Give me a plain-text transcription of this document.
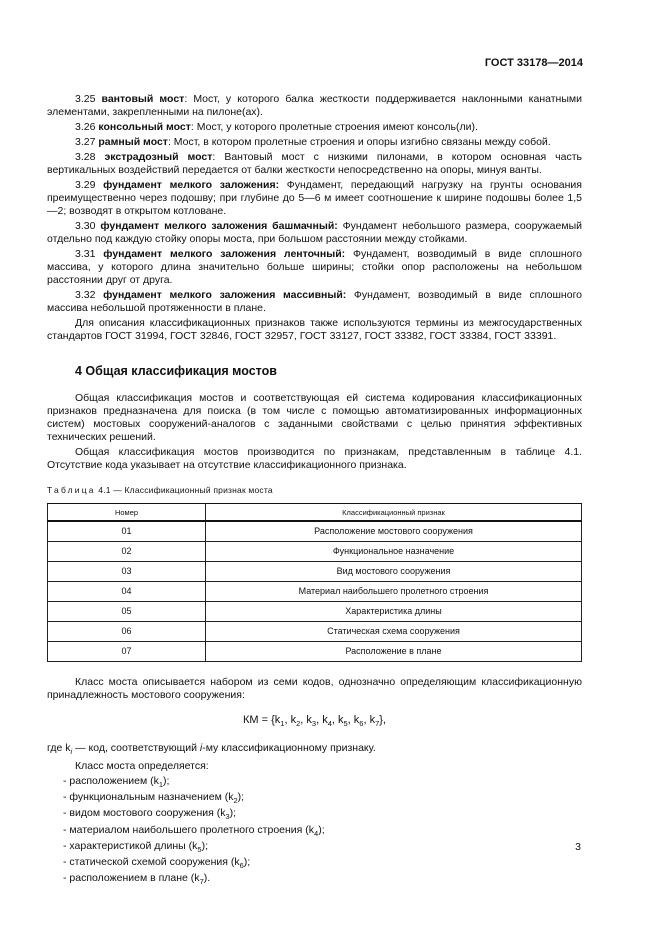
ГОСТ 33178—2014

3.25 вантовый мост: Мост, у которого балка жесткости поддерживается наклонными канатными элементами, закрепленными на пилоне(ах).

3.26 консольный мост: Мост, у которого пролетные строения имеют консоль(ли).

3.27 рамный мост: Мост, в котором пролетные строения и опоры изгибно связаны между собой.

3.28 экстрадозный мост: Вантовый мост с низкими пилонами, в котором основная часть вертикальных воздействий передается от балки жесткости непосредственно на опоры, минуя ванты.

3.29 фундамент мелкого заложения: Фундамент, передающий нагрузку на грунты основания преимущественно через подошву; при глубине до 5—6 м имеет соотношение к ширине подошвы более 1,5—2; возводят в открытом котловане.

3.30 фундамент мелкого заложения башмачный: Фундамент небольшого размера, сооружаемый отдельно под каждую стойку опоры моста, при большом расстоянии между стойками.

3.31 фундамент мелкого заложения ленточный: Фундамент, возводимый в виде сплошного массива, у которого длина значительно больше ширины; стойки опор расположены на небольшом расстоянии друг от друга.

3.32 фундамент мелкого заложения массивный: Фундамент, возводимый в виде сплошного массива небольшой протяженности в плане.

Для описания классификационных признаков также используются термины из межгосударственных стандартов ГОСТ 31994, ГОСТ 32846, ГОСТ 32957, ГОСТ 33127, ГОСТ 33382, ГОСТ 33384, ГОСТ 33391.

4 Общая классификация мостов

Общая классификация мостов и соответствующая ей система кодирования классификационных признаков предназначена для поиска (в том числе с помощью автоматизированных информационных систем) мостовых сооружений-аналогов с заданными свойствами с целью принятия эффективных технических решений.

Общая классификация мостов производится по признакам, представленным в таблице 4.1. Отсутствие кода указывает на отсутствие классификационного признака.

Таблица 4.1 — Классификационный признак моста
Номер	Классификационный признак
01	Расположение мостового сооружения
02	Функциональное назначение
03	Вид мостового сооружения
04	Материал наибольшего пролетного строения
05	Характеристика длины
06	Статическая схема сооружения
07	Расположение в плане

Класс моста описывается набором из семи кодов, однозначно определяющим классификационную принадлежность мостового сооружения:

КМ = {$k_1$, $k_2$, $k_3$, $k_4$, $k_5$, $k_6$, $k_7$},

где $k_i$ — код, соответствующий i-му классификационному признаку.

Класс моста определяется:

- расположением $(k_1)$;
- функциональным назначением $(k_2)$;
- видом мостового сооружения $(k_3)$;
- материалом наибольшего пролетного строения $(k_4)$;
- характеристикой длины $(k_5)$;
- статической схемой сооружения $(k_6)$;
- расположением в плане $(k_7)$.
3
